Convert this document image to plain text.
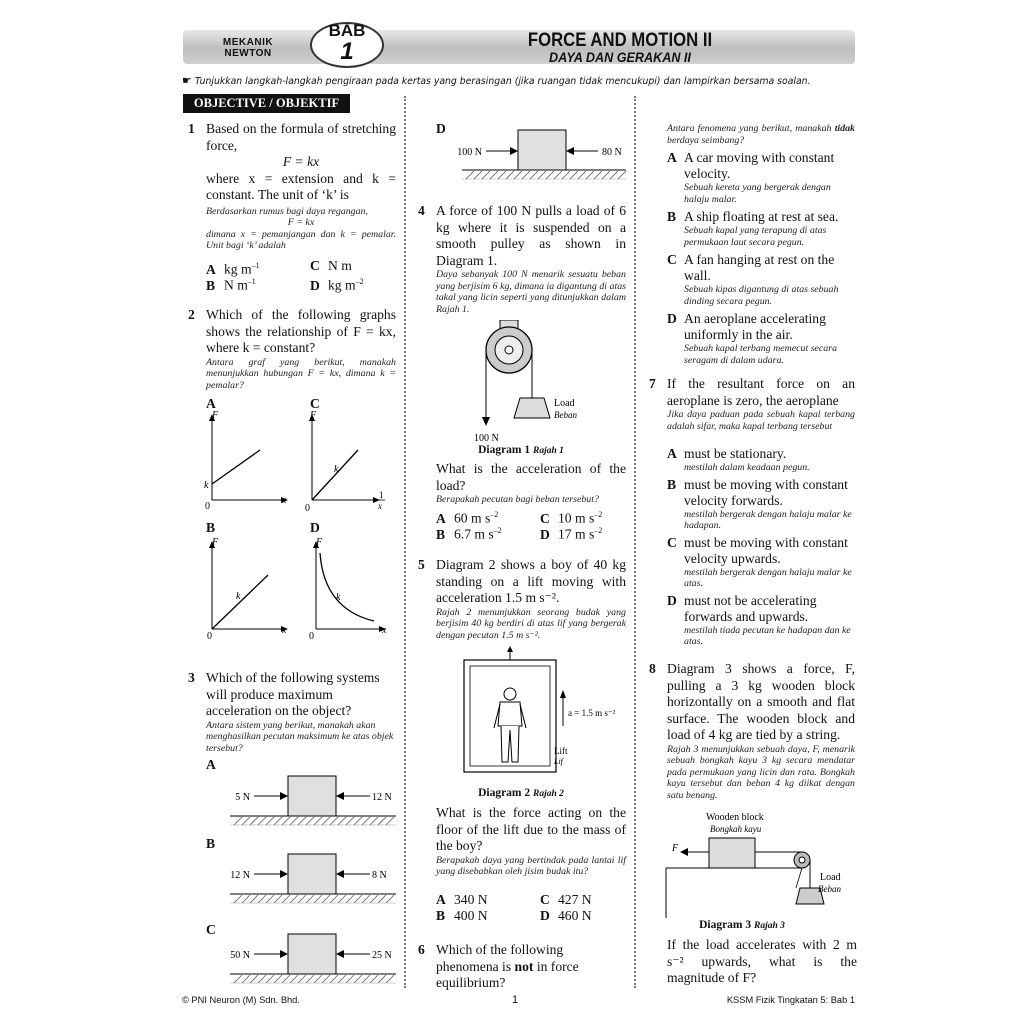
MEKANIK
NEWTON
BAB
1	FORCE AND MOTION II
DAYA DAN GERAKAN II
☛ Tunjukkan langkah-langkah pengiraan pada kertas yang berasingan (jika ruangan tidak mencukupi) dan lampirkan bersama soalan.
OBJECTIVE / OBJEKTIF
1 Based on the formula of stretching force,
F = kx
where x = extension and k = constant. The unit of ‘k’ is
Berdasarkan rumus bagi daya regangan,
F = kx
dimana x = pemanjangan dan k = pemalar. Unit bagi ‘k’ adalah
A kg $m^{-1}$	C N m
B N $m^{-1}$	D kg $m^{-2}$
2 Which of the following graphs shows the relationship of F = kx, where k = constant?
Antara graf yang berikut, manakah menunjukkan hubungan F = kx, dimana k = pemalar?
A
F
x
k
0
C
F
k
1
x
0
B
F
k
x
0
D
F
k
x
0
3 Which of the following systems will produce maximum acceleration on the object?
Antara sistem yang berikut, manakah akan menghasilkan pecutan maksimum ke atas objek tersebut?
A
5 N	12 N
B
12 N	8 N
C
50 N	25 N
D
100 N	80 N
4 A force of 100 N pulls a load of 6 kg where it is suspended on a smooth pulley as shown in Diagram 1.
Daya sebanyak 100 N menarik sesuatu beban yang berjisim 6 kg, dimana ia digantung di atas takal yang licin seperti yang ditunjukkan dalam Rajah 1.
Load
Beban
100 N
Diagram 1 Rajah 1
What is the acceleration of the load?
Berapakah pecutan bagi beban tersebut?
A 60 m $s^{-2}$	C 10 m $s^{-2}$
B 6.7 m $s^{-2}$	D 17 m $s^{-2}$
5 Diagram 2 shows a boy of 40 kg standing on a lift moving with acceleration 1.5 m s⁻².
Rajah 2 menunjukkan seorang budak yang berjisim 40 kg berdiri di atas lif yang bergerak dengan pecutan 1.5 m s⁻².
a = 1.5 m s⁻²
Lift
Lif
Diagram 2 Rajah 2
What is the force acting on the floor of the lift due to the mass of the boy?
Berapakah daya yang bertindak pada lantai lif yang disebabkan oleh jisim budak itu?
A 340 N	C 427 N
B 400 N	D 460 N
6 Which of the following phenomena is not in force equilibrium?
Antara fenomena yang berikut, manakah tidak berdaya seimbang?
A A car moving with constant velocity.
Sebuah kereta yang bergerak dengan halaju malar.
B A ship floating at rest at sea.
Sebuah kapal yang terapung di atas permukaan laut secara pegun.
C A fan hanging at rest on the wall.
Sebuah kipas digantung di atas sebuah dinding secara pegun.
D An aeroplane accelerating uniformly in the air.
Sebuah kapal terbang memecut secara seragam di dalam udara.
7 If the resultant force on an aeroplane is zero, the aeroplane
Jika daya paduan pada sebuah kapal terbang adalah sifar, maka kapal terbang tersebut
A must be stationary.
mestilah dalam keadaan pegun.
B must be moving with constant velocity forwards.
mestilah bergerak dengan halaju malar ke hadapan.
C must be moving with constant velocity upwards.
mestilah bergerak dengan halaju malar ke atas.
D must not be accelerating forwards and upwards.
mestilah tiada pecutan ke hadapan dan ke atas.
8 Diagram 3 shows a force, F, pulling a 3 kg wooden block horizontally on a smooth and flat surface. The wooden block and load of 4 kg are tied by a string.
Rajah 3 menunjukkan sebuah daya, F, menarik sebuah bongkah kayu 3 kg secara mendatar pada permukaan yang licin dan rata. Bongkah kayu tersebut dan beban 4 kg diikat dengan satu benang.
Wooden block
Bongkah kayu
F
Load
Beban
Diagram 3 Rajah 3
If the load accelerates with 2 m s⁻² upwards, what is the magnitude of F?
© PNI Neuron (M) Sdn. Bhd.	1	KSSM Fizik Tingkatan 5: Bab 1
